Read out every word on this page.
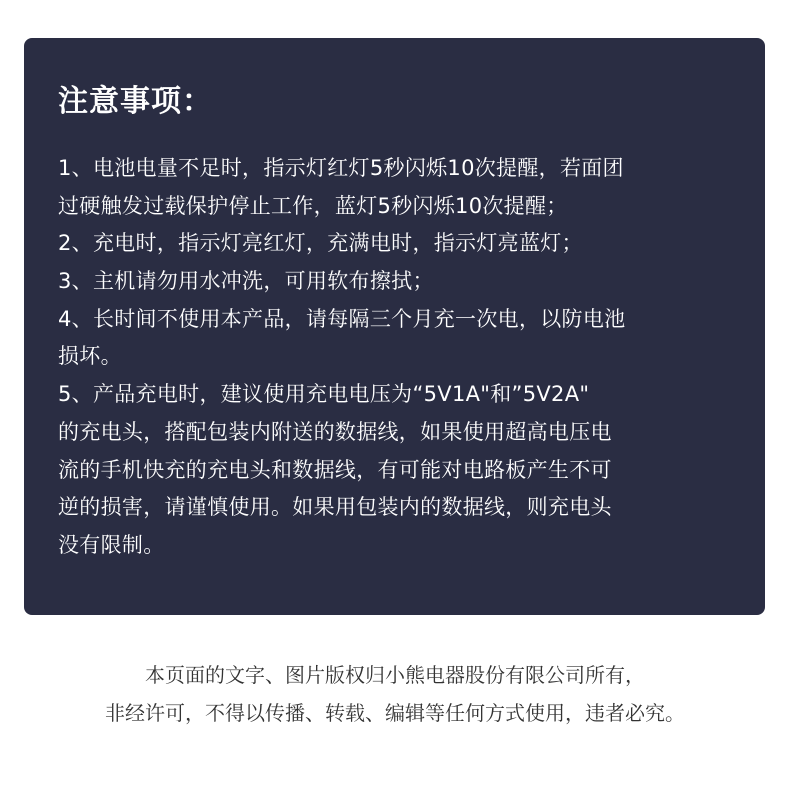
注意事项：
1、电池电量不足时，指示灯红灯5秒闪烁10次提醒，若面团
过硬触发过载保护停止工作，蓝灯5秒闪烁10次提醒；
2、充电时，指示灯亮红灯，充满电时，指示灯亮蓝灯；
3、主机请勿用水冲洗，可用软布擦拭；
4、长时间不使用本产品，请每隔三个月充一次电，以防电池
损坏。
5、产品充电时，建议使用充电电压为“5V1A"和”5V2A"
的充电头，搭配包装内附送的数据线，如果使用超高电压电
流的手机快充的充电头和数据线，有可能对电路板产生不可
逆的损害，请谨慎使用。如果用包装内的数据线，则充电头
没有限制。
本页面的文字、图片版权归小熊电器股份有限公司所有，
非经许可，不得以传播、转载、编辑等任何方式使用，违者必究。
